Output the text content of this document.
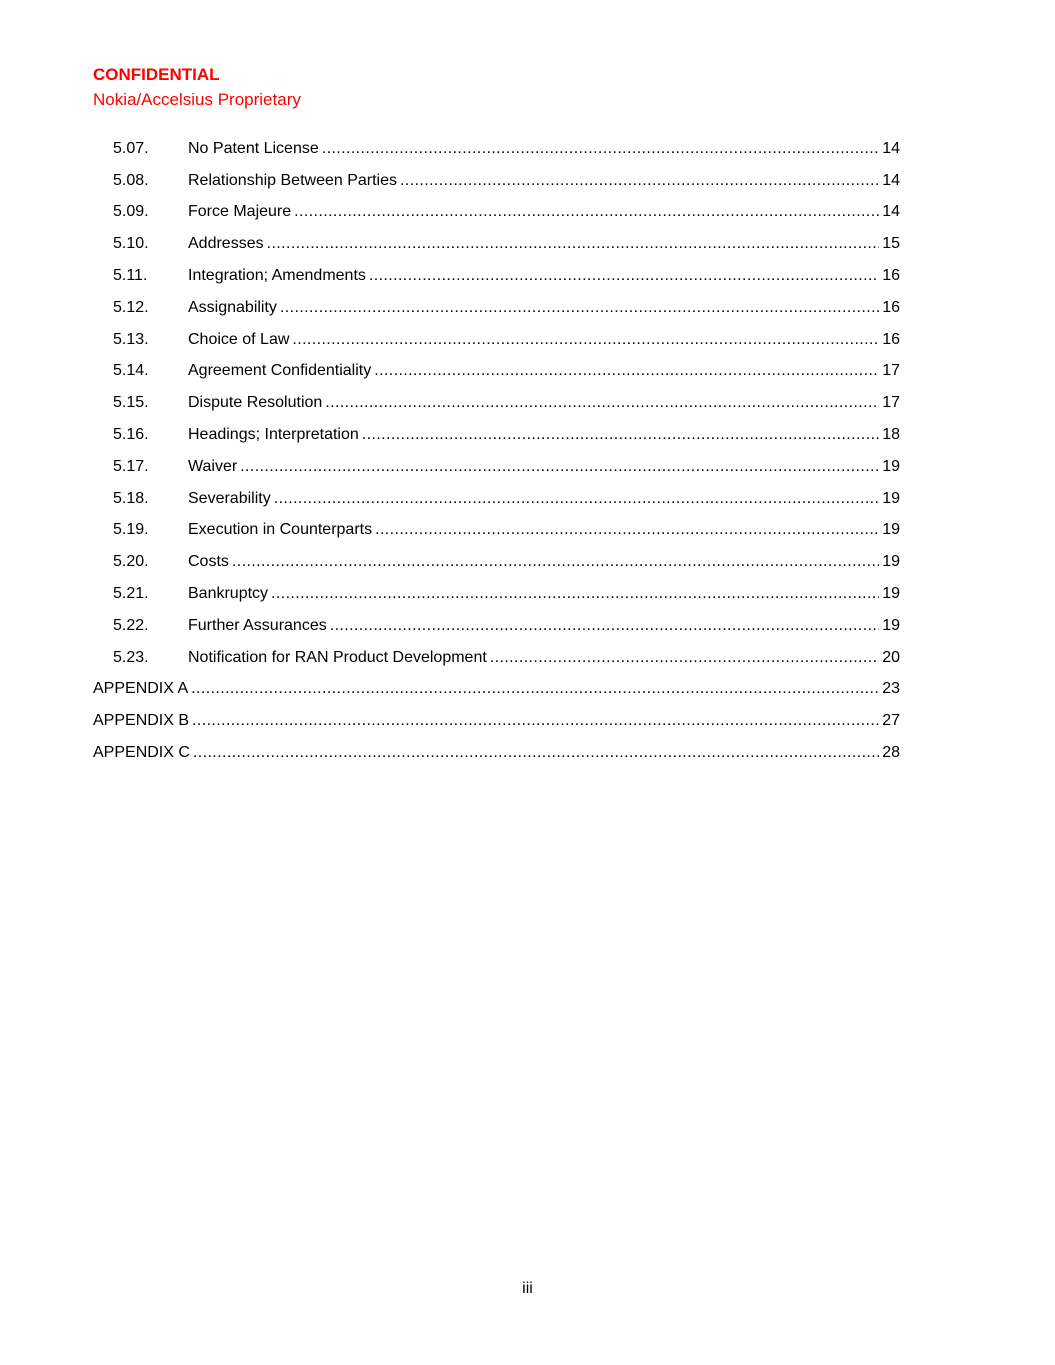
CONFIDENTIAL
Nokia/Accelsius Proprietary
5.07.	No Patent License .....	14
5.08.	Relationship Between Parties .....	14
5.09.	Force Majeure .....	14
5.10.	Addresses .....	15
5.11.	Integration; Amendments .....	16
5.12.	Assignability .....	16
5.13.	Choice of Law .....	16
5.14.	Agreement Confidentiality .....	17
5.15.	Dispute Resolution .....	17
5.16.	Headings; Interpretation .....	18
5.17.	Waiver .....	19
5.18.	Severability .....	19
5.19.	Execution in Counterparts .....	19
5.20.	Costs .....	19
5.21.	Bankruptcy .....	19
5.22.	Further Assurances .....	19
5.23.	Notification for RAN Product Development .....	20
APPENDIX A .....	23
APPENDIX B .....	27
APPENDIX C .....	28
iii
